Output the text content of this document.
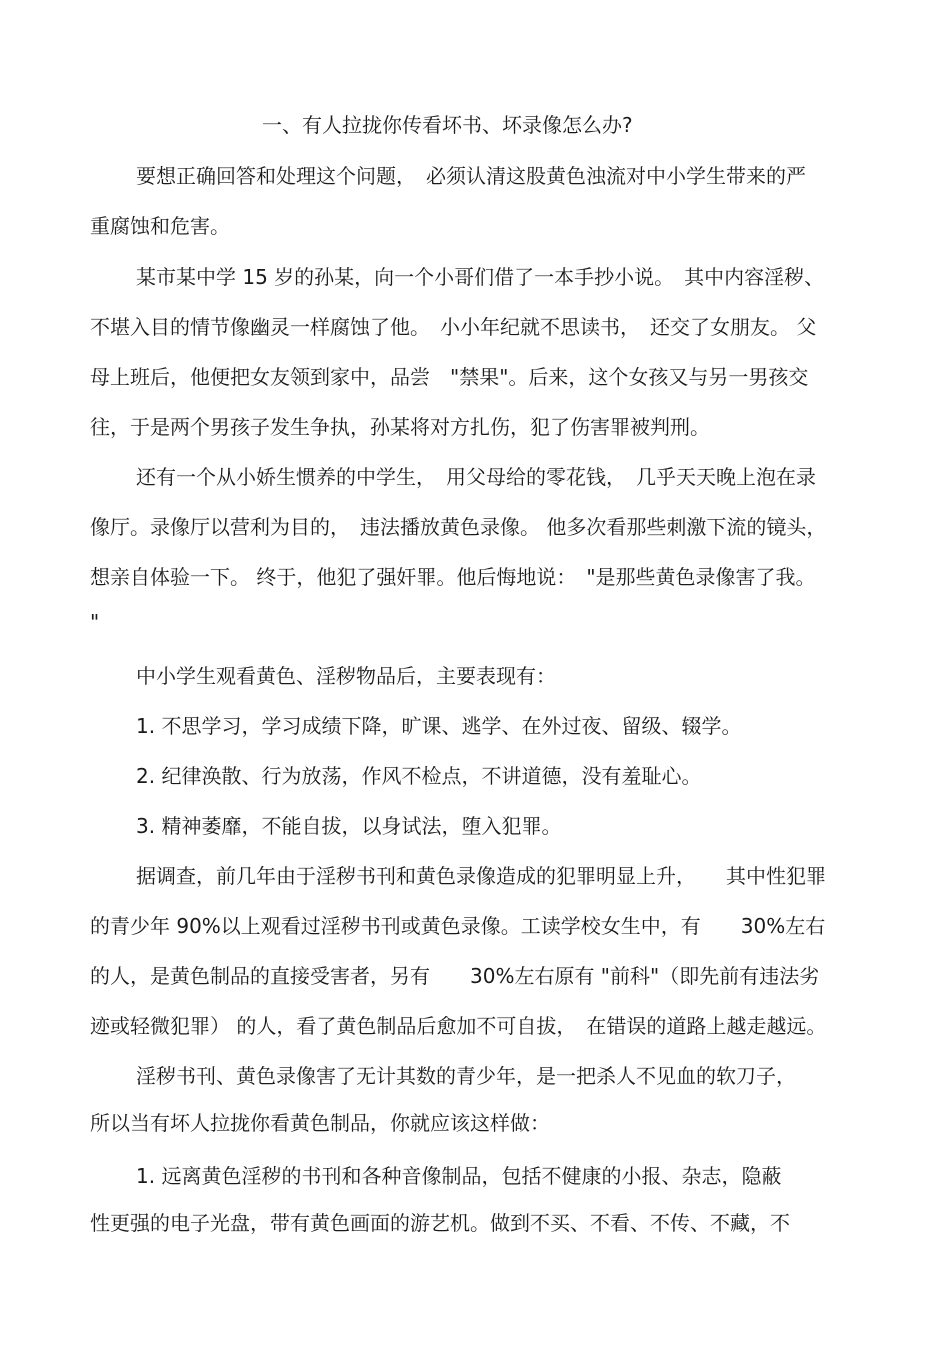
一、有人拉拢你传看坏书、坏录像怎么办?
要想正确回答和处理这个问题，　必须认清这股黄色浊流对中小学生带来的严
重腐蚀和危害。
某市某中学 15 岁的孙某，向一个小哥们借了一本手抄小说。　其中内容淫秽、
不堪入目的情节像幽灵一样腐蚀了他。　小小年纪就不思读书，　还交了女朋友。 父
母上班后，他便把女友领到家中，品尝　"禁果"。后来，这个女孩又与另一男孩交
往，于是两个男孩子发生争执，孙某将对方扎伤，犯了伤害罪被判刑。
还有一个从小娇生惯养的中学生，　用父母给的零花钱，　几乎天天晚上泡在录
像厅。录像厅以营利为目的，　违法播放黄色录像。 他多次看那些刺激下流的镜头，
想亲自体验一下。 终于，他犯了强奸罪。他后悔地说：　"是那些黄色录像害了我。
"
中小学生观看黄色、淫秽物品后，主要表现有：
1. 不思学习，学习成绩下降，旷课、逃学、在外过夜、留级、辍学。
2. 纪律涣散、行为放荡，作风不检点，不讲道德，没有羞耻心。
3. 精神萎靡，不能自拔，以身试法，堕入犯罪。
据调查，前几年由于淫秽书刊和黄色录像造成的犯罪明显上升，　　其中性犯罪
的青少年 90%以上观看过淫秽书刊或黄色录像。工读学校女生中，有　　30%左右
的人，是黄色制品的直接受害者，另有　　30%左右原有 "前科"（即先前有违法劣
迹或轻微犯罪） 的人，看了黄色制品后愈加不可自拔，　在错误的道路上越走越远。
淫秽书刊、黄色录像害了无计其数的青少年，是一把杀人不见血的软刀子，
所以当有坏人拉拢你看黄色制品，你就应该这样做：
1. 远离黄色淫秽的书刊和各种音像制品，包括不健康的小报、杂志，隐蔽
性更强的电子光盘，带有黄色画面的游艺机。做到不买、不看、不传、不藏，不
